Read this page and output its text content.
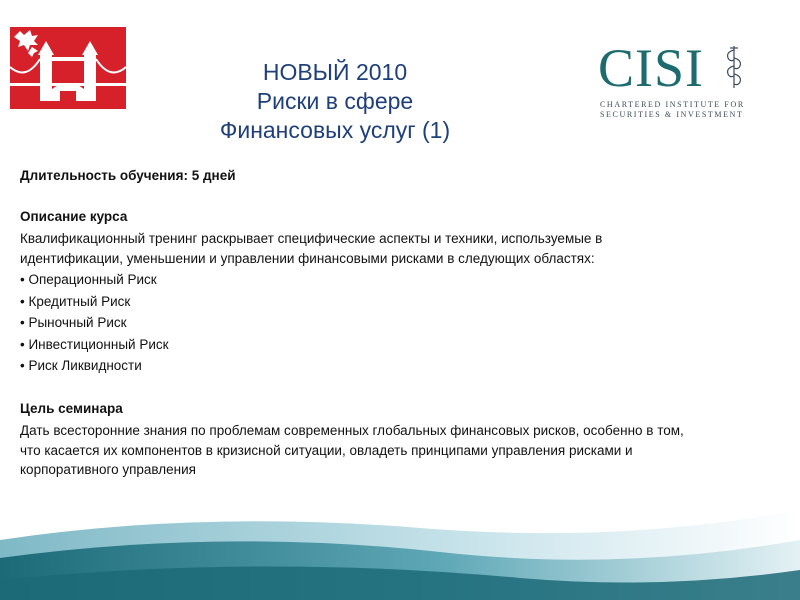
НОВЫЙ 2010
Риски в сфере
Финансовых услуг (1)
CISI
CHARTERED INSTITUTE FOR
SECURITIES & INVESTMENT

Длительность обучения: 5 дней

Описание курса

Квалификационный тренинг раскрывает специфические аспекты и техники, используемые в идентификации, уменьшении и управлении финансовыми рисками в следующих областях:

• Операционный Риск
• Кредитный Риск
• Рыночный Риск
• Инвестиционный Риск
• Риск Ликвидности

Цель семинара

Дать всесторонние знания по проблемам современных глобальных финансовых рисков, особенно в том, что касается их компонентов в кризисной ситуации, овладеть принципами управления рисками и корпоративного управления
